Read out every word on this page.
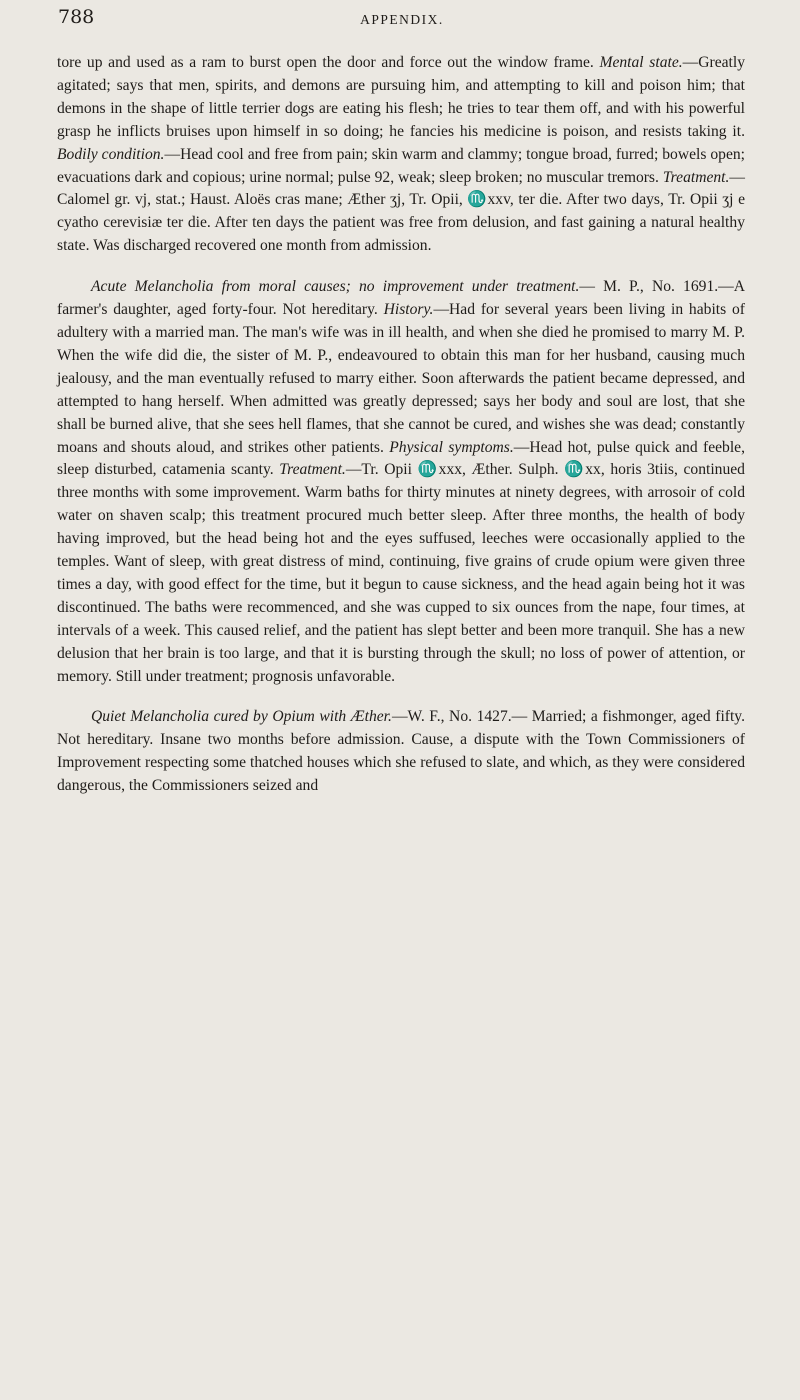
788	APPENDIX.

tore up and used as a ram to burst open the door and force out the window frame. Mental state.—Greatly agitated; says that men, spirits, and demons are pursuing him, and attempting to kill and poison him; that demons in the shape of little terrier dogs are eating his flesh; he tries to tear them off, and with his powerful grasp he inflicts bruises upon himself in so doing; he fancies his medicine is poison, and resists taking it. Bodily condition.—Head cool and free from pain; skin warm and clammy; tongue broad, furred; bowels open; evacuations dark and copious; urine normal; pulse 92, weak; sleep broken; no muscular tremors. Treatment.—Calomel gr. vj, stat.; Haust. Aloës cras mane; Æther ʒj, Tr. Opii, ♏xxv, ter die. After two days, Tr. Opii ʒj e cyatho cerevisiæ ter die. After ten days the patient was free from delusion, and fast gaining a natural healthy state. Was discharged recovered one month from admission.

Acute Melancholia from moral causes; no improvement under treatment.— M. P., No. 1691.—A farmer's daughter, aged forty-four. Not hereditary. History.—Had for several years been living in habits of adultery with a married man. The man's wife was in ill health, and when she died he promised to marry M. P. When the wife did die, the sister of M. P., endeavoured to obtain this man for her husband, causing much jealousy, and the man eventually refused to marry either. Soon afterwards the patient became depressed, and attempted to hang herself. When admitted was greatly depressed; says her body and soul are lost, that she shall be burned alive, that she sees hell flames, that she cannot be cured, and wishes she was dead; constantly moans and shouts aloud, and strikes other patients. Physical symptoms.—Head hot, pulse quick and feeble, sleep disturbed, catamenia scanty. Treatment.—Tr. Opii ♏xxx, Æther. Sulph. ♏xx, horis 3tiis, continued three months with some improvement. Warm baths for thirty minutes at ninety degrees, with arrosoir of cold water on shaven scalp; this treatment procured much better sleep. After three months, the health of body having improved, but the head being hot and the eyes suffused, leeches were occasionally applied to the temples. Want of sleep, with great distress of mind, continuing, five grains of crude opium were given three times a day, with good effect for the time, but it begun to cause sickness, and the head again being hot it was discontinued. The baths were recommenced, and she was cupped to six ounces from the nape, four times, at intervals of a week. This caused relief, and the patient has slept better and been more tranquil. She has a new delusion that her brain is too large, and that it is bursting through the skull; no loss of power of attention, or memory. Still under treatment; prognosis unfavorable.

Quiet Melancholia cured by Opium with Æther.—W. F., No. 1427.— Married; a fishmonger, aged fifty. Not hereditary. Insane two months before admission. Cause, a dispute with the Town Commissioners of Improvement respecting some thatched houses which she refused to slate, and which, as they were considered dangerous, the Commissioners seized and
